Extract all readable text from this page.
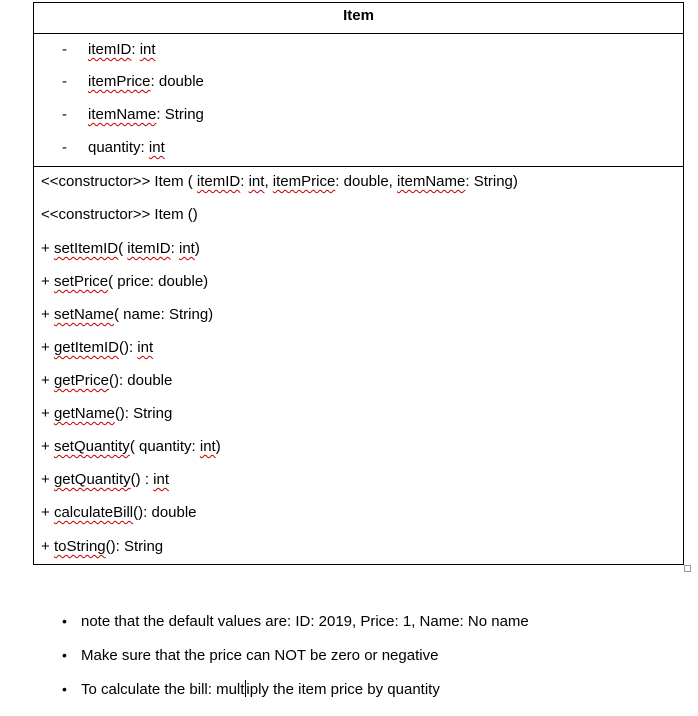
Item
- itemID: int
- itemPrice: double
- itemName: String
- quantity: int
<<constructor>> Item ( itemID: int, itemPrice: double, itemName: String)
<<constructor>> Item ()
+ setItemID( itemID: int)
+ setPrice( price: double)
+ setName( name: String)
+ getItemID(): int
+ getPrice(): double
+ getName(): String
+ setQuantity( quantity: int)
+ getQuantity() : int
+ calculateBill(): double
+ toString(): String
• note that the default values are: ID: 2019, Price: 1, Name: No name
• Make sure that the price can NOT be zero or negative
• To calculate the bill: mult iply the item price by quantity
